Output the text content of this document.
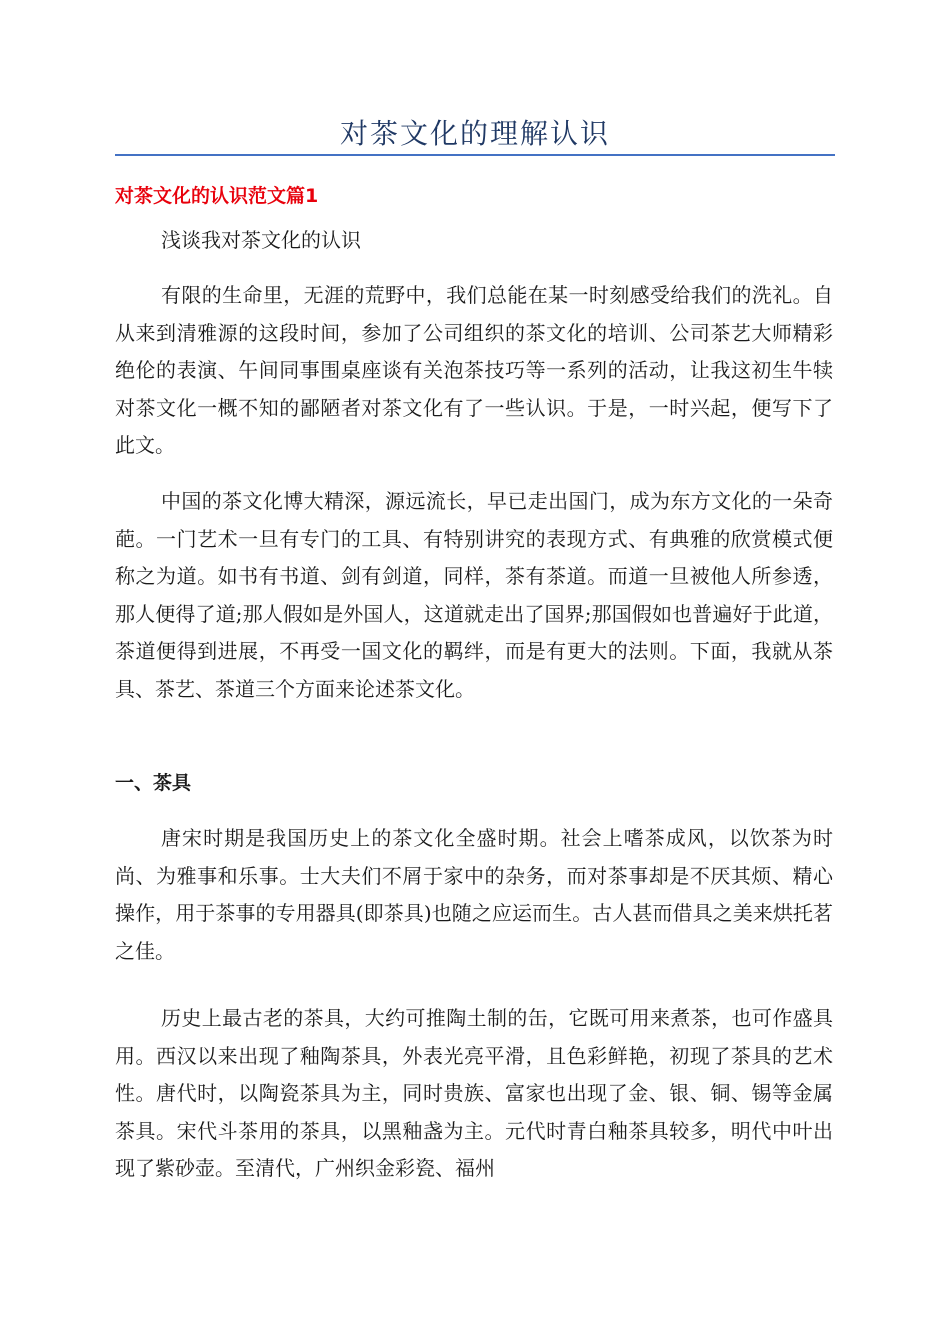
对茶文化的理解认识
对茶文化的认识范文篇1
浅谈我对茶文化的认识

有限的生命里，无涯的荒野中，我们总能在某一时刻感受给我们的洗礼。自从来到清雅源的这段时间，参加了公司组织的茶文化的培训、公司茶艺大师精彩绝伦的表演、午间同事围桌座谈有关泡茶技巧等一系列的活动，让我这初生牛犊对茶文化一概不知的鄙陋者对茶文化有了一些认识。于是，一时兴起，便写下了此文。

中国的茶文化博大精深，源远流长，早已走出国门，成为东方文化的一朵奇葩。一门艺术一旦有专门的工具、有特别讲究的表现方式、有典雅的欣赏模式便称之为道。如书有书道、剑有剑道，同样，茶有茶道。而道一旦被他人所参透，那人便得了道;那人假如是外国人，这道就走出了国界;那国假如也普遍好于此道，茶道便得到进展，不再受一国文化的羁绊，而是有更大的法则。下面，我就从茶具、茶艺、茶道三个方面来论述茶文化。

一、茶具

唐宋时期是我国历史上的茶文化全盛时期。社会上嗜茶成风，以饮茶为时尚、为雅事和乐事。士大夫们不屑于家中的杂务，而对茶事却是不厌其烦、精心操作，用于茶事的专用器具(即茶具)也随之应运而生。古人甚而借具之美来烘托茗之佳。

历史上最古老的茶具，大约可推陶土制的缶，它既可用来煮茶，也可作盛具用。西汉以来出现了釉陶茶具，外表光亮平滑，且色彩鲜艳，初现了茶具的艺术性。唐代时，以陶瓷茶具为主，同时贵族、富家也出现了金、银、铜、锡等金属茶具。宋代斗茶用的茶具，以黑釉盏为主。元代时青白釉茶具较多，明代中叶出现了紫砂壶。至清代，广州织金彩瓷、福州
